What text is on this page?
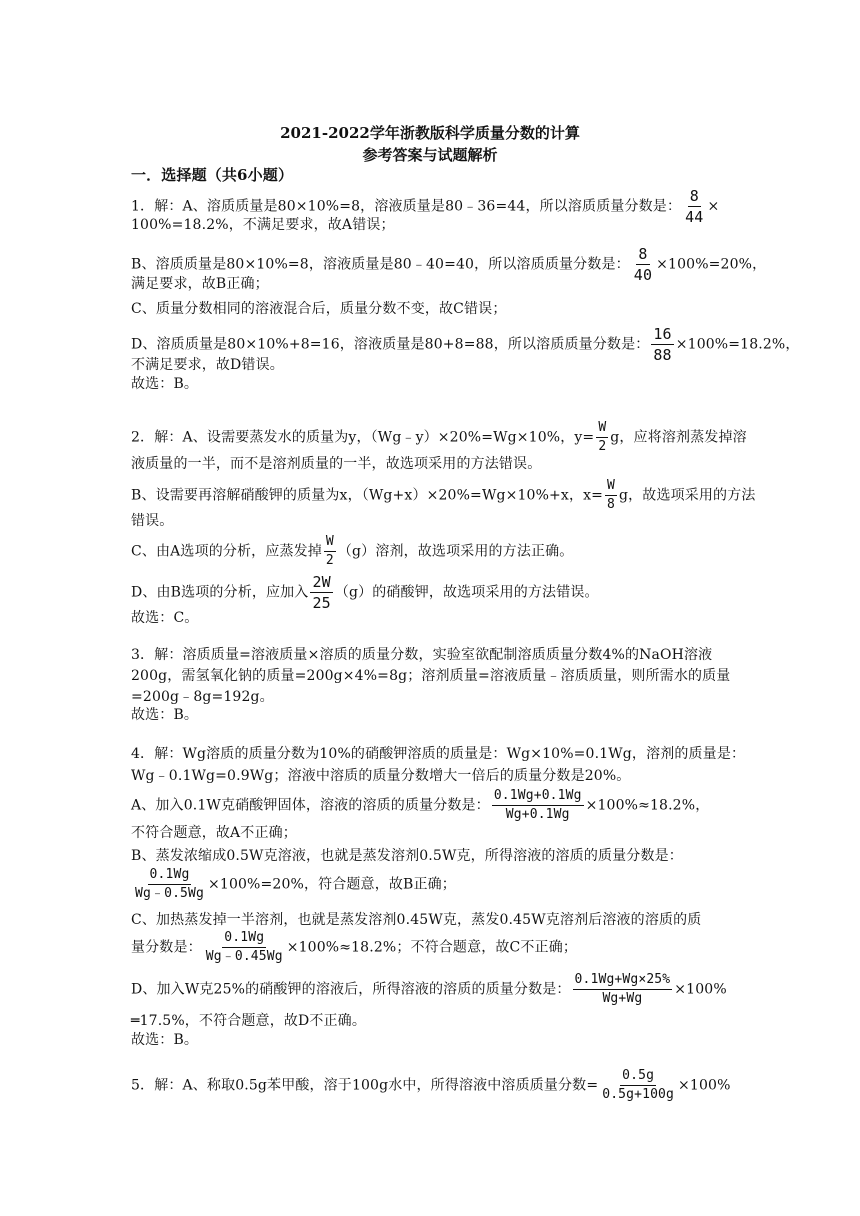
2021-2022学年浙教版科学质量分数的计算
参考答案与试题解析
一．选择题（共6小题）
1．解：A、溶质质量是80×10%=8，溶液质量是80﹣36=44，所以溶质质量分数是： $\frac{8}{44}$ ×
100%=18.2%，不满足要求，故A错误；
B、溶质质量是80×10%=8，溶液质量是80﹣40=40，所以溶质质量分数是： $\frac{8}{40} \times 100\%=20\%$，
满足要求，故B正确；
C、质量分数相同的溶液混合后，质量分数不变，故C错误；
D、溶质质量是80×10%+8=16，溶液质量是80+8=88，所以溶质质量分数是： $\frac{16}{88} \times 100\%=18.2\%$，
不满足要求，故D错误。
故选：B。
2．解：A、设需要蒸发水的质量为y，（Wg﹣y）×20%=Wg×10%，$y= \frac{W}{2}$ g，应将溶剂蒸发掉溶
液质量的一半，而不是溶剂质量的一半，故选项采用的方法错误。
B、设需要再溶解硝酸钾的质量为x，（Wg+x）×20%=Wg×10%+x，$x= \frac{W}{8}$ g，故选项采用的方法
错误。
C、由A选项的分析，应蒸发掉 $\frac{W}{2} (g)$溶剂，故选项采用的方法正确。
D、由B选项的分析，应加入 $\frac{2W}{25} (g)$的硝酸钾，故选项采用的方法错误。
故选：C。
3．解：溶质质量=溶液质量×溶质的质量分数，实验室欲配制溶质质量分数4%的NaOH溶液
200g，需氢氧化钠的质量=200g×4%=8g；溶剂质量=溶液质量﹣溶质质量，则所需水的质量
=200g﹣8g=192g。
故选：B。
4．解：Wg溶质的质量分数为10%的硝酸钾溶质的质量是：Wg×10%=0.1Wg，溶剂的质量是：
Wg﹣0.1Wg=0.9Wg；溶液中溶质的质量分数增大一倍后的质量分数是20%。
A、加入0.1W克硝酸钾固体，溶液的溶质的质量分数是： $\frac{0.1Wg+0.1Wg}{Wg+0.1Wg} \times 100\%\approx 18.2\%$，
不符合题意，故A不正确；
B、蒸发浓缩成0.5W克溶液，也就是蒸发溶剂0.5W克，所得溶液的溶质的质量分数是：
$\frac{0.1Wg}{Wg﹣0.5Wg} \times 100\%=20\%$，符合题意，故B正确；
C、加热蒸发掉一半溶剂，也就是蒸发溶剂0.45W克，蒸发0.45W克溶剂后溶液的溶质的质
量分数是： $\frac{0.1Wg}{Wg﹣0.45Wg} \times 100\%\approx 18.2\%$；不符合题意，故C不正确；
D、加入W克25%的硝酸钾的溶液后，所得溶液的溶质的质量分数是： $\frac{0.1Wg+Wg\times 25\%}{Wg+Wg} \times 100\%$
═17.5%，不符合题意，故D不正确。
故选：B。
5．解：A、称取0.5g苯甲酸，溶于100g水中，所得溶液中溶质质量分数= $\frac{0.5g}{0.5g+100g} \times 100\%$
